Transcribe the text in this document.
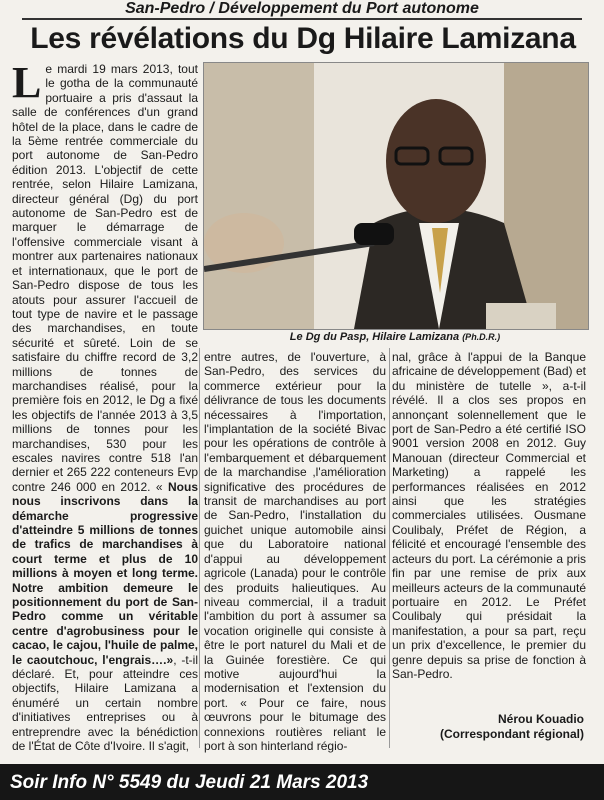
San-Pedro / Développement du Port autonome
Les révélations du Dg Hilaire Lamizana
L e mardi 19 mars 2013, tout le gotha de la communauté portuaire a pris d'assaut la salle de conférences d'un grand hôtel de la place, dans le cadre de la 5ème rentrée commerciale du port autonome de San-Pedro édition 2013. L'objectif de cette rentrée, selon Hilaire Lamizana, directeur général (Dg) du port autonome de San-Pedro est de marquer le démarrage de l'offensive commerciale visant à montrer aux partenaires nationaux et internationaux, que le port de San-Pedro dispose de tous les atouts pour assurer l'accueil de tout type de navire et le passage des marchandises, en toute sécurité et sûreté. Loin de se satisfaire du chiffre record de 3,2 millions de tonnes de marchandises réalisé, pour la première fois en 2012, le Dg a fixé les objectifs de l'année 2013 à 3,5 millions de tonnes pour les marchandises, 530 pour les escales navires contre 518 l'an dernier et 265 222 conteneurs Evp contre 246 000 en 2012. « Nous nous inscrivons dans la démarche progressive d'atteindre 5 millions de tonnes de trafics de marchandises à court terme et plus de 10 millions à moyen et long terme. Notre ambition demeure le positionnement du port de San-Pedro comme un véritable centre d'agrobusiness pour le cacao, le cajou, l'huile de palme, le caoutchouc, l'engrais….», -t-il déclaré. Et, pour atteindre ces objectifs, Hilaire Lamizana a énuméré un certain nombre d'initiatives entreprises ou à entreprendre avec la bénédiction de l'État de Côte d'Ivoire. Il s'agit,

Le Dg du Pasp, Hilaire Lamizana (Ph.D.R.)

entre autres, de l'ouverture, à San-Pedro, des services du commerce extérieur pour la délivrance de tous les documents nécessaires à l'importation, l'implantation de la société Bivac pour les opérations de contrôle à l'embarquement et débarquement de la marchandise ,l'amélioration significative des procédures de transit de marchandises au port de San-Pedro, l'installation du guichet unique automobile ainsi que du Laboratoire national d'appui au développement agricole (Lanada) pour le contrôle des produits halieutiques. Au niveau commercial, il a traduit l'ambition du port à assumer sa vocation originelle qui consiste à être le port naturel du Mali et de la Guinée forestière. Ce qui motive aujourd'hui la modernisation et l'extension du port. « Pour ce faire, nous œuvrons pour le bitumage des connexions routières reliant le port à son hinterland régio-

nal, grâce à l'appui de la Banque africaine de développement (Bad) et du ministère de tutelle », a-t-il révélé. Il a clos ses propos en annonçant solennellement que le port de San-Pedro a été certifié ISO 9001 version 2008 en 2012. Guy Manouan (directeur Commercial et Marketing) a rappelé les performances réalisées en 2012 ainsi que les stratégies commerciales utilisées. Ousmane Coulibaly, Préfet de Région, a félicité et encouragé l'ensemble des acteurs du port. La cérémonie a pris fin par une remise de prix aux meilleurs acteurs de la communauté portuaire en 2012. Le Préfet Coulibaly qui présidait la manifestation, a pour sa part, reçu un prix d'excellence, le premier du genre depuis sa prise de fonction à San-Pedro.

Nérou Kouadio
(Correspondant régional)
Soir Info N° 5549 du Jeudi 21 Mars 2013
